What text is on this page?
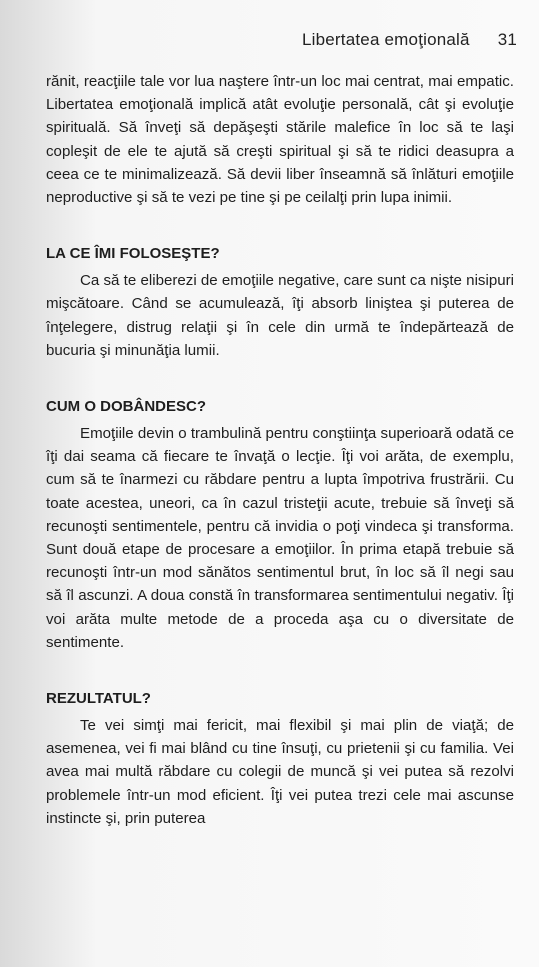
Libertatea emoţională 31

rănit, reacţiile tale vor lua naştere într-un loc mai centrat, mai empatic. Libertatea emoţională implică atât evoluţie personală, cât şi evoluţie spirituală. Să înveţi să depăşeşti stările malefice în loc să te laşi copleşit de ele te ajută să creşti spiritual şi să te ridici deasupra a ceea ce te minimalizează. Să devii liber înseamnă să înlături emoţiile neproductive şi să te vezi pe tine şi pe ceilalţi prin lupa inimii.

LA CE ÎMI FOLOSEŞTE?

Ca să te eliberezi de emoţiile negative, care sunt ca nişte nisipuri mişcătoare. Când se acumulează, îţi absorb liniştea şi puterea de înţelegere, distrug relaţii şi în cele din urmă te îndepărtează de bucuria şi minunăţia lumii.

CUM O DOBÂNDESC?

Emoţiile devin o trambulină pentru conştiinţa superioară odată ce îţi dai seama că fiecare te învaţă o lecţie. Îţi voi arăta, de exemplu, cum să te înarmezi cu răbdare pentru a lupta împotriva frustrării. Cu toate acestea, uneori, ca în cazul tristeţii acute, trebuie să înveţi să recunoşti sentimentele, pentru că invidia o poţi vindeca şi transforma. Sunt două etape de procesare a emoţiilor. În prima etapă trebuie să recunoşti într-un mod sănătos sentimentul brut, în loc să îl negi sau să îl ascunzi. A doua constă în transformarea sentimentului negativ. Îţi voi arăta multe metode de a proceda aşa cu o diversitate de sentimente.

REZULTATUL?

Te vei simţi mai fericit, mai flexibil şi mai plin de viaţă; de asemenea, vei fi mai blând cu tine însuţi, cu prietenii şi cu familia. Vei avea mai multă răbdare cu colegii de muncă şi vei putea să rezolvi problemele într-un mod eficient. Îţi vei putea trezi cele mai ascunse instincte şi, prin puterea
